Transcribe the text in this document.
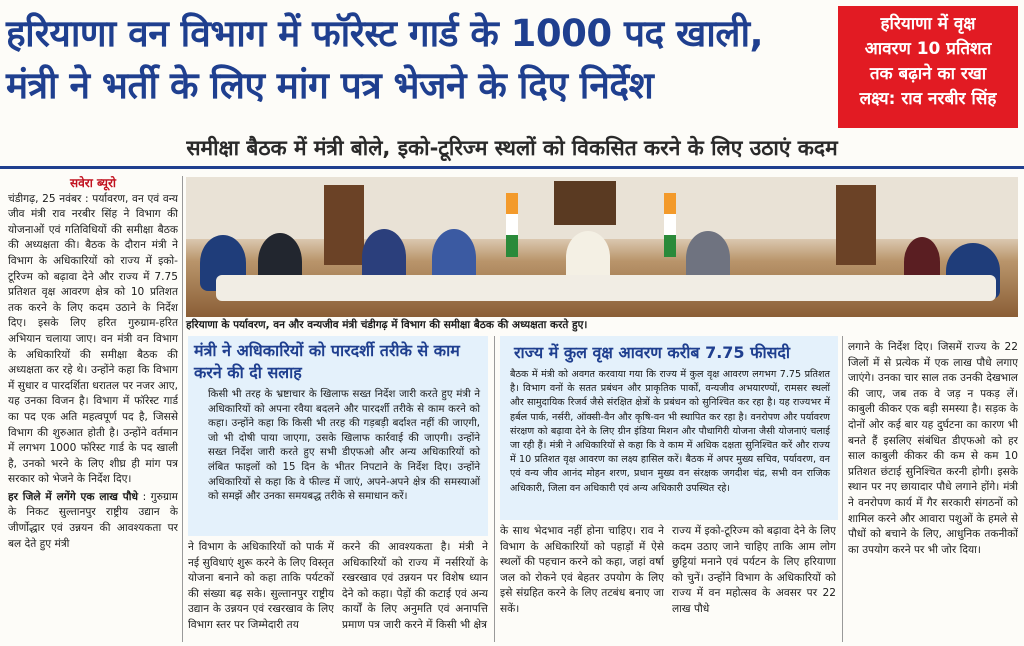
हरियाणा वन विभाग में फॉरेस्ट गार्ड के 1000 पद खाली,
मंत्री ने भर्ती के लिए मांग पत्र भेजने के दिए निर्देश
हरियाणा में वृक्ष
आवरण 10 प्रतिशत
तक बढ़ाने का रखा
लक्ष्य: राव नरबीर सिंह
समीक्षा बैठक में मंत्री बोले, इको-टूरिज्म स्थलों को विकसित करने के लिए उठाएं कदम
सवेरा ब्यूरो
चंडीगढ़, 25 नवंबर : पर्यावरण, वन एवं वन्य जीव मंत्री राव नरबीर सिंह ने विभाग की योजनाओं एवं गतिविधियों की समीक्षा बैठक की अध्यक्षता की। बैठक के दौरान मंत्री ने विभाग के अधिकारियों को राज्य में इको-टूरिज्म को बढ़ावा देने और राज्य में 7.75 प्रतिशत वृक्ष आवरण क्षेत्र को 10 प्रतिशत तक करने के लिए कदम उठाने के निर्देश दिए। इसके लिए हरित गुरुग्राम-हरित अभियान चलाया जाए। वन मंत्री वन विभाग के अधिकारियों की समीक्षा बैठक की अध्यक्षता कर रहे थे। उन्होंने कहा कि विभाग में सुधार व पारदर्शिता धरातल पर नजर आए, यह उनका विजन है। विभाग में फॉरेस्ट गार्ड का पद एक अति महत्वपूर्ण पद है, जिससे विभाग की शुरुआत होती है। उन्होंने वर्तमान में लगभग 1000 फॉरेस्ट गार्ड के पद खाली है, उनको भरने के लिए शीघ्र ही मांग पत्र सरकार को भेजने के निर्देश दिए।
हर जिले में लगेंगे एक लाख पौधे : गुरुग्राम के निकट सुल्तानपुर राष्ट्रीय उद्यान के जीर्णोद्धार एवं उन्नयन की आवश्यकता पर बल देते हुए मंत्री
हरियाणा के पर्यावरण, वन और वन्यजीव मंत्री चंडीगढ़ में विभाग की समीक्षा बैठक की अध्यक्षता करते हुए।
मंत्री ने अधिकारियों को पारदर्शी तरीके से काम करने की दी सलाह
किसी भी तरह के भ्रष्टाचार के खिलाफ सख्त निर्देश जारी करते हुए मंत्री ने अधिकारियों को अपना रवैया बदलने और पारदर्शी तरीके से काम करने को कहा। उन्होंने कहा कि किसी भी तरह की गड़बड़ी बर्दाश्त नहीं की जाएगी, जो भी दोषी पाया जाएगा, उसके खिलाफ कार्रवाई की जाएगी। उन्होंने सख्त निर्देश जारी करते हुए सभी डीएफओ और अन्य अधिकारियों को लंबित फाइलों को 15 दिन के भीतर निपटाने के निर्देश दिए। उन्होंने अधिकारियों से कहा कि वे फील्ड में जाएं, अपने-अपने क्षेत्र की समस्याओं को समझें और उनका समयबद्ध तरीके से समाधान करें।
राज्य में कुल वृक्ष आवरण करीब 7.75 फीसदी
बैठक में मंत्री को अवगत करवाया गया कि राज्य में कुल वृक्ष आवरण लगभग 7.75 प्रतिशत है। विभाग वनों के सतत प्रबंधन और प्राकृतिक पार्कों, वन्यजीव अभयारण्यों, रामसर स्थलों और सामुदायिक रिजर्व जैसे संरक्षित क्षेत्रों के प्रबंधन को सुनिश्चित कर रहा है। यह राज्यभर में हर्बल पार्क, नर्सरी, ऑक्सी-वैन और कृषि-वन भी स्थापित कर रहा है। वनरोपण और पर्यावरण संरक्षण को बढ़ावा देने के लिए ग्रीन इंडिया मिशन और पौधागिरी योजना जैसी योजनाएं चलाई जा रही हैं। मंत्री ने अधिकारियों से कहा कि वे काम में अधिक दक्षता सुनिश्चित करें और राज्य में 10 प्रतिशत वृक्ष आवरण का लक्ष्य हासिल करें। बैठक में अपर मुख्य सचिव, पर्यावरण, वन एवं वन्य जीव आनंद मोहन शरण, प्रधान मुख्य वन संरक्षक जगदीश चंद्र, सभी वन राजिक अधिकारी, जिला वन अधिकारी एवं अन्य अधिकारी उपस्थित रहे।
ने विभाग के अधिकारियों को पार्क में नई सुविधाएं शुरू करने के लिए विस्तृत योजना बनाने को कहा ताकि पर्यटकों की संख्या बढ़ सके। सुल्तानपुर राष्ट्रीय उद्यान के उन्नयन एवं रखरखाव के लिए विभाग स्तर पर जिम्मेदारी तय
करने की आवश्यकता है। मंत्री ने अधिकारियों को राज्य में नर्सरियों के रखरखाव एवं उन्नयन पर विशेष ध्यान देने को कहा। पेड़ों की कटाई एवं अन्य कार्यों के लिए अनुमति एवं अनापत्ति प्रमाण पत्र जारी करने में किसी भी क्षेत्र
के साथ भेदभाव नहीं होना चाहिए। राव ने विभाग के अधिकारियों को पहाड़ों में ऐसे स्थलों की पहचान करने को कहा, जहां वर्षा जल को रोकने एवं बेहतर उपयोग के लिए इसे संग्रहित करने के लिए तटबंध बनाए जा सकें।
राज्य में इको-टूरिज्म को बढ़ावा देने के लिए कदम उठाए जाने चाहिए ताकि आम लोग छुट्टियां मनाने एवं पर्यटन के लिए हरियाणा को चुनें। उन्होंने विभाग के अधिकारियों को राज्य में वन महोत्सव के अवसर पर 22 लाख पौधे
लगाने के निर्देश दिए। जिसमें राज्य के 22 जिलों में से प्रत्येक में एक लाख पौधे लगाए जाएंगे। उनका चार साल तक उनकी देखभाल की जाए, जब तक वे जड़ न पकड़ लें। काबुली कीकर एक बड़ी समस्या है। सड़क के दोनों ओर कई बार यह दुर्घटना का कारण भी बनते हैं इसलिए संबंधित डीएफओ को हर साल काबुली कीकर की कम से कम 10 प्रतिशत छंटाई सुनिश्चित करनी होगी। इसके स्थान पर नए छायादार पौधे लगाने होंगे। मंत्री ने वनरोपण कार्य में गैर सरकारी संगठनों को शामिल करने और आवारा पशुओं के हमले से पौधों को बचाने के लिए, आधुनिक तकनीकों का उपयोग करने पर भी जोर दिया।
